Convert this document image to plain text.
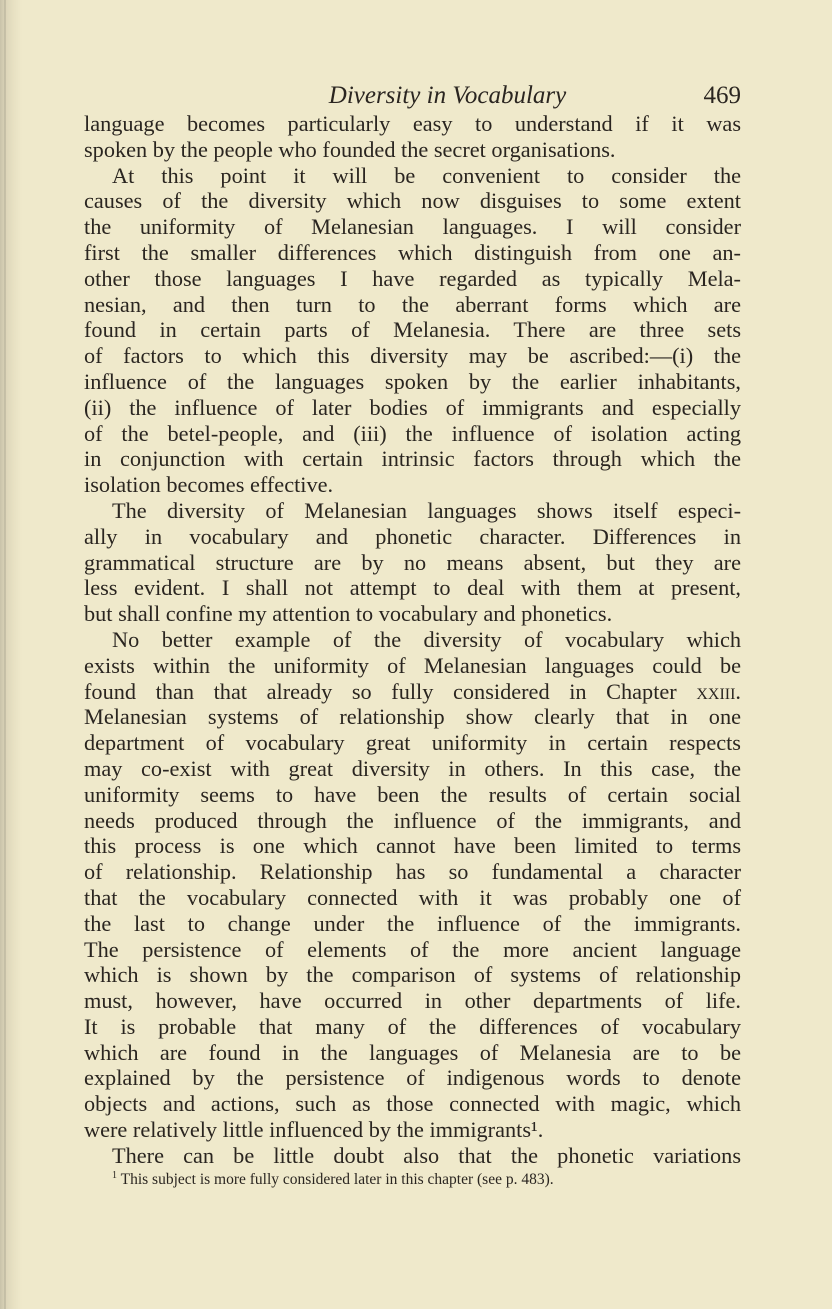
Diversity in Vocabulary	469
language becomes particularly easy to understand if it was
spoken by the people who founded the secret organisations.
At this point it will be convenient to consider the
causes of the diversity which now disguises to some extent
the uniformity of Melanesian languages. I will consider
first the smaller differences which distinguish from one an-
other those languages I have regarded as typically Mela-
nesian, and then turn to the aberrant forms which are
found in certain parts of Melanesia. There are three sets
of factors to which this diversity may be ascribed:—(i) the
influence of the languages spoken by the earlier inhabitants,
(ii) the influence of later bodies of immigrants and especially
of the betel-people, and (iii) the influence of isolation acting
in conjunction with certain intrinsic factors through which the
isolation becomes effective.
The diversity of Melanesian languages shows itself especi-
ally in vocabulary and phonetic character. Differences in
grammatical structure are by no means absent, but they are
less evident. I shall not attempt to deal with them at present,
but shall confine my attention to vocabulary and phonetics.
No better example of the diversity of vocabulary which
exists within the uniformity of Melanesian languages could be
found than that already so fully considered in Chapter xxiii.
Melanesian systems of relationship show clearly that in one
department of vocabulary great uniformity in certain respects
may co-exist with great diversity in others. In this case, the
uniformity seems to have been the results of certain social
needs produced through the influence of the immigrants, and
this process is one which cannot have been limited to terms
of relationship. Relationship has so fundamental a character
that the vocabulary connected with it was probably one of
the last to change under the influence of the immigrants.
The persistence of elements of the more ancient language
which is shown by the comparison of systems of relationship
must, however, have occurred in other departments of life.
It is probable that many of the differences of vocabulary
which are found in the languages of Melanesia are to be
explained by the persistence of indigenous words to denote
objects and actions, such as those connected with magic, which
were relatively little influenced by the immigrants¹.
There can be little doubt also that the phonetic variations
$^1$ This subject is more fully considered later in this chapter (see p. 483).
